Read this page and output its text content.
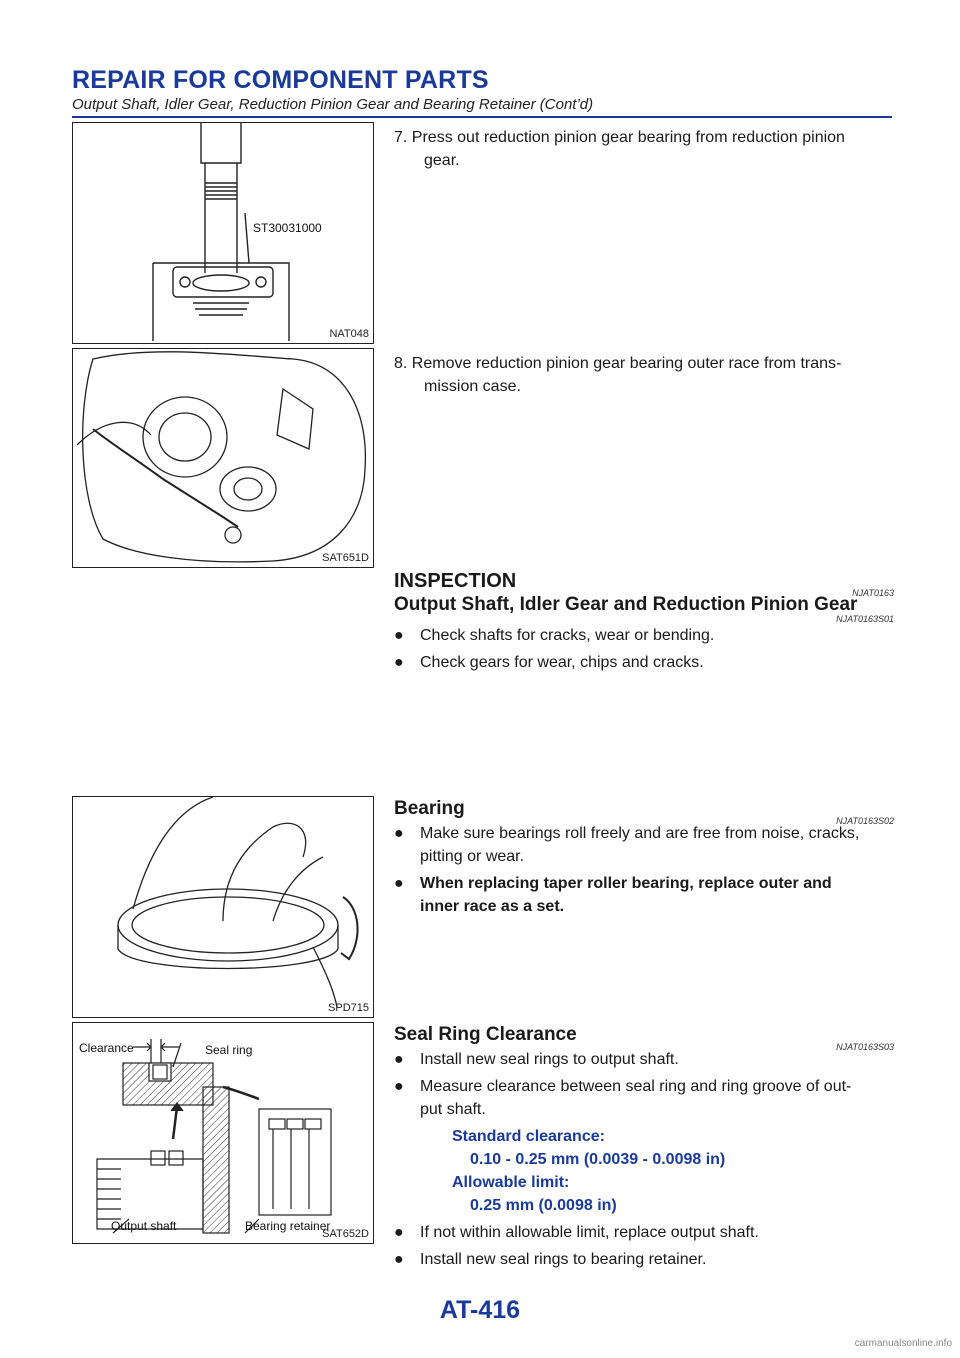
REPAIR FOR COMPONENT PARTS
Output Shaft, Idler Gear, Reduction Pinion Gear and Bearing Retainer (Cont’d)
ST30031000
NAT048
7. Press out reduction pinion gear bearing from reduction pinion
gear.
SAT651D
8. Remove reduction pinion gear bearing outer race from trans-
mission case.
INSPECTION
NJAT0163
Output Shaft, Idler Gear and Reduction Pinion Gear
NJAT0163S01
● Check shafts for cracks, wear or bending.
● Check gears for wear, chips and cracks.
SPD715
Bearing
NJAT0163S02
● Make sure bearings roll freely and are free from noise, cracks,
pitting or wear.
● When replacing taper roller bearing, replace outer and
inner race as a set.
Clearance	Seal ring
Output shaft	Bearing retainer
SAT652D
Seal Ring Clearance
NJAT0163S03
● Install new seal rings to output shaft.
● Measure clearance between seal ring and ring groove of out-
put shaft.
Standard clearance:
0.10 - 0.25 mm (0.0039 - 0.0098 in)
Allowable limit:
0.25 mm (0.0098 in)
● If not within allowable limit, replace output shaft.
● Install new seal rings to bearing retainer.
AT-416
carmanualsonline.info
